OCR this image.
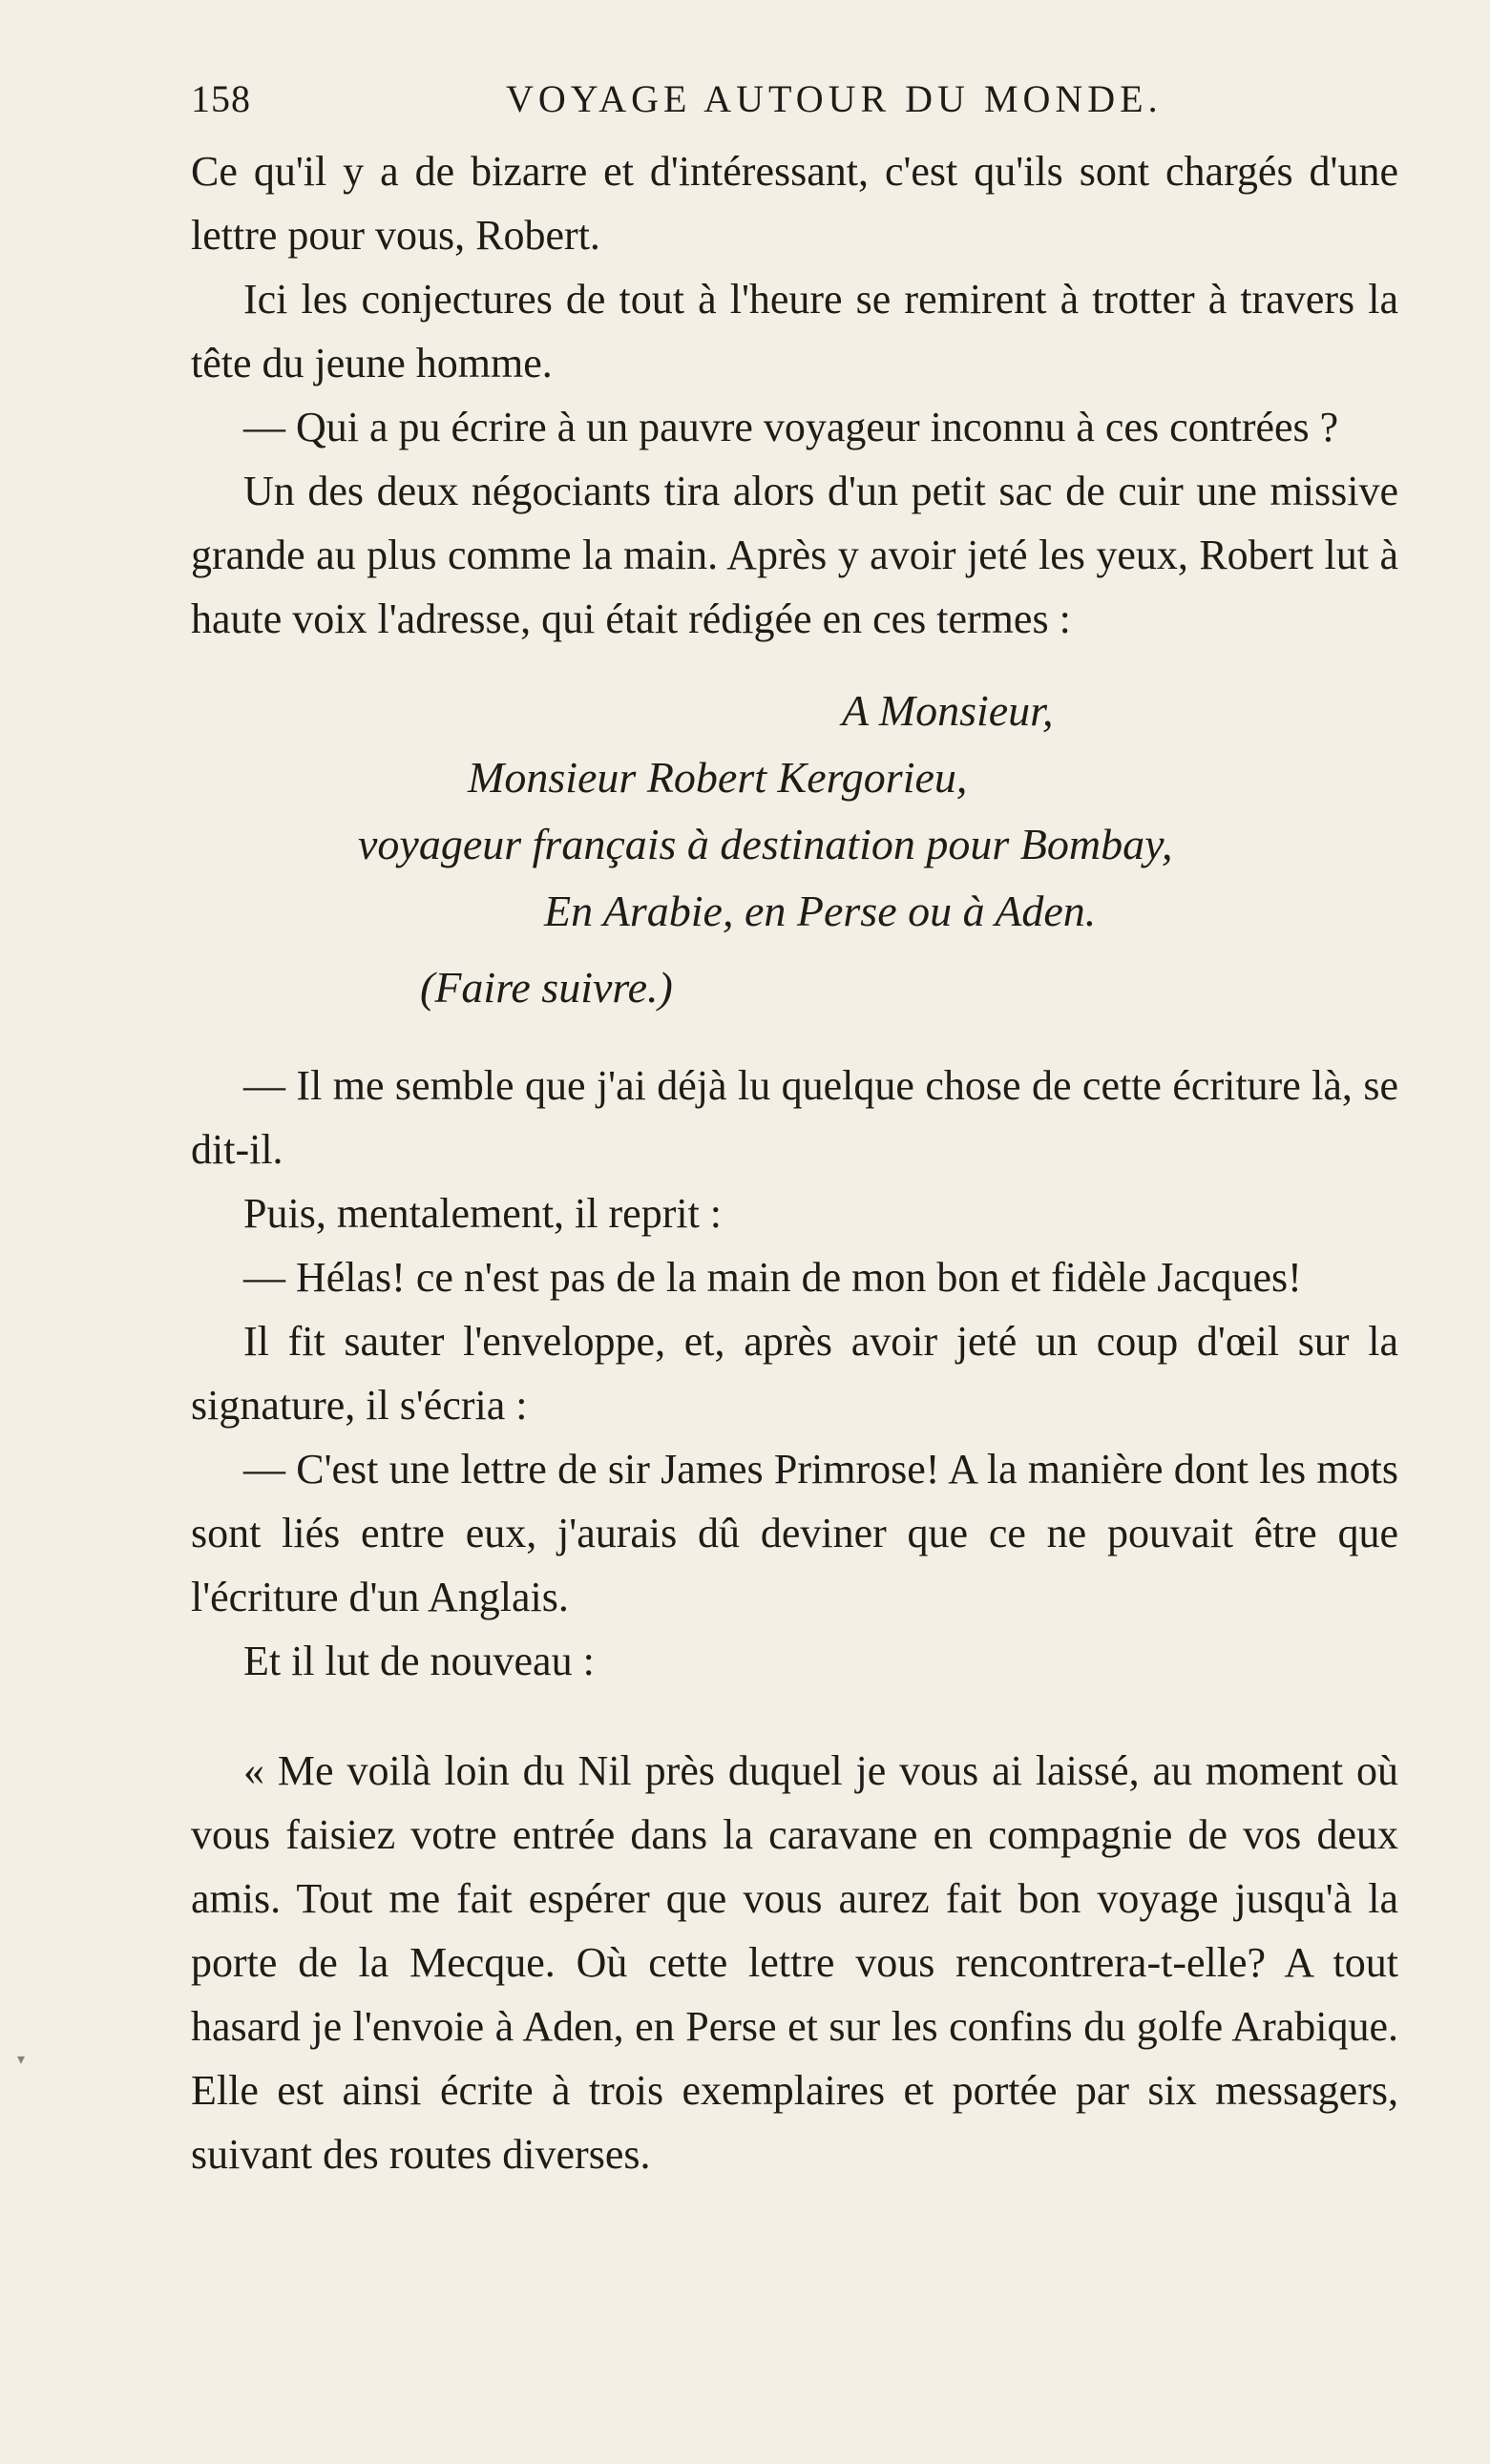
158	VOYAGE AUTOUR DU MONDE.

Ce qu'il y a de bizarre et d'intéressant, c'est qu'ils sont chargés d'une lettre pour vous, Robert.

Ici les conjectures de tout à l'heure se remirent à trotter à travers la tête du jeune homme.

— Qui a pu écrire à un pauvre voyageur inconnu à ces contrées ?

Un des deux négociants tira alors d'un petit sac de cuir une missive grande au plus comme la main. Après y avoir jeté les yeux, Robert lut à haute voix l'adresse, qui était rédigée en ces termes :

A Monsieur,
Monsieur Robert Kergorieu,
voyageur français à destination pour Bombay,
En Arabie, en Perse ou à Aden.
(Faire suivre.)

— Il me semble que j'ai déjà lu quelque chose de cette écriture là, se dit-il.

Puis, mentalement, il reprit :

— Hélas! ce n'est pas de la main de mon bon et fidèle Jacques!

Il fit sauter l'enveloppe, et, après avoir jeté un coup d'œil sur la signature, il s'écria :

— C'est une lettre de sir James Primrose! A la manière dont les mots sont liés entre eux, j'aurais dû deviner que ce ne pouvait être que l'écriture d'un Anglais.

Et il lut de nouveau :

« Me voilà loin du Nil près duquel je vous ai laissé, au moment où vous faisiez votre entrée dans la caravane en compagnie de vos deux amis. Tout me fait espérer que vous aurez fait bon voyage jusqu'à la porte de la Mecque. Où cette lettre vous rencontrera-t-elle? A tout hasard je l'envoie à Aden, en Perse et sur les confins du golfe Arabique. Elle est ainsi écrite à trois exemplaires et portée par six messagers, suivant des routes diverses.

▾
